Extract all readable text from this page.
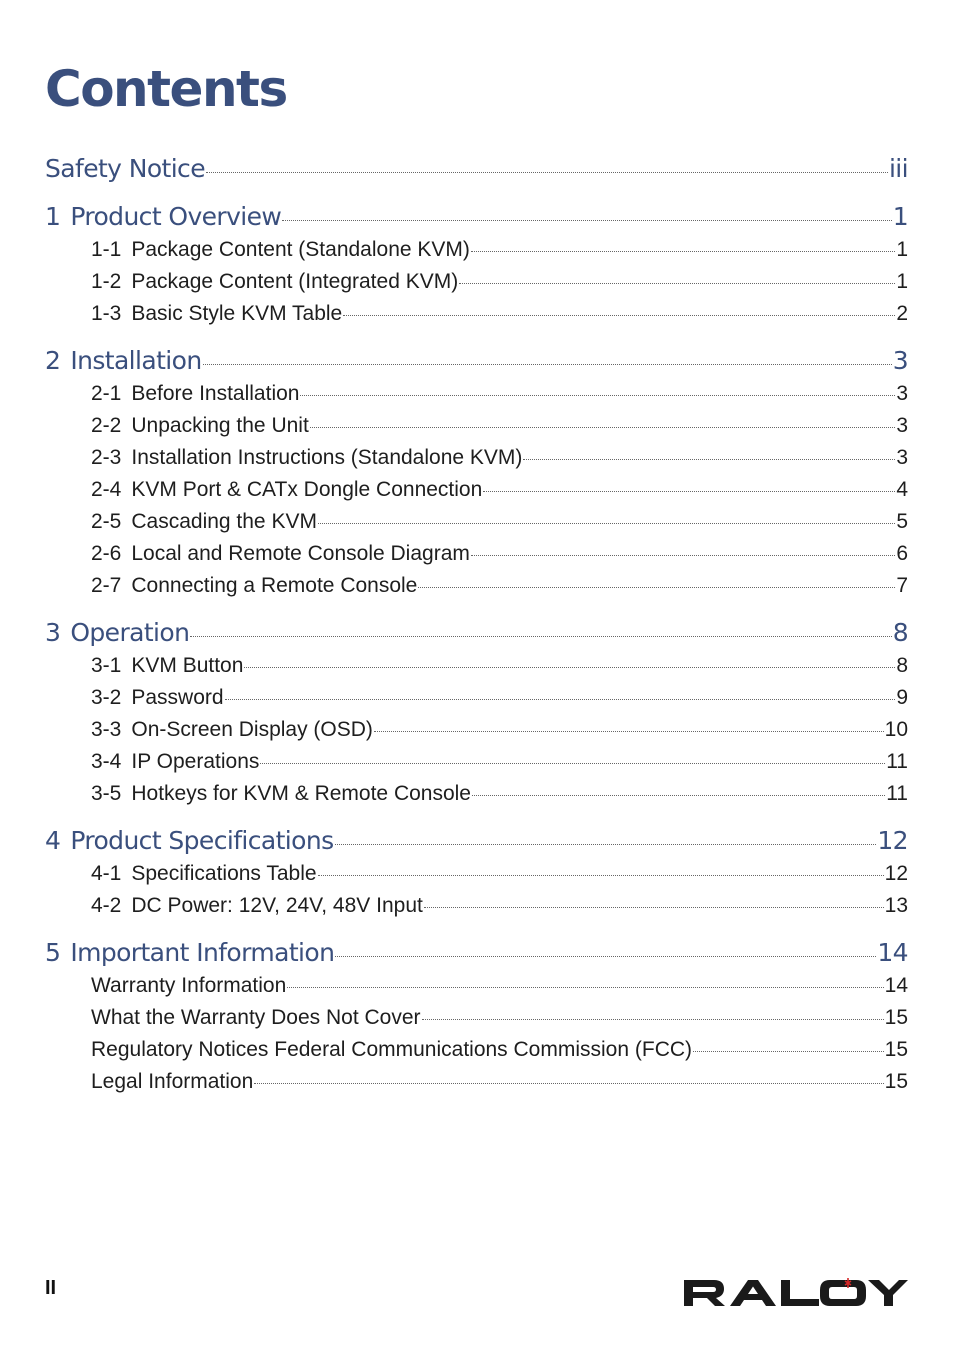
Contents
Safety Notice	iii
1 Product Overview	1
1-1 Package Content (Standalone KVM)	1
1-2 Package Content (Integrated KVM)	1
1-3 Basic Style KVM Table	2
2 Installation	3
2-1 Before Installation	3
2-2 Unpacking the Unit	3
2-3 Installation Instructions (Standalone KVM)	3
2-4 KVM Port & CATx Dongle Connection	4
2-5 Cascading the KVM	5
2-6 Local and Remote Console Diagram	6
2-7 Connecting a Remote Console	7
3 Operation	8
3-1 KVM Button	8
3-2 Password	9
3-3 On-Screen Display (OSD)	10
3-4 IP Operations	11
3-5 Hotkeys for KVM & Remote Console	11
4 Product Specifications	12
4-1 Specifications Table	12
4-2 DC Power: 12V, 24V, 48V Input	13
5 Important Information	14
Warranty Information	14
What the Warranty Does Not Cover	15
Regulatory Notices Federal Communications Commission (FCC)	15
Legal Information	15
II
